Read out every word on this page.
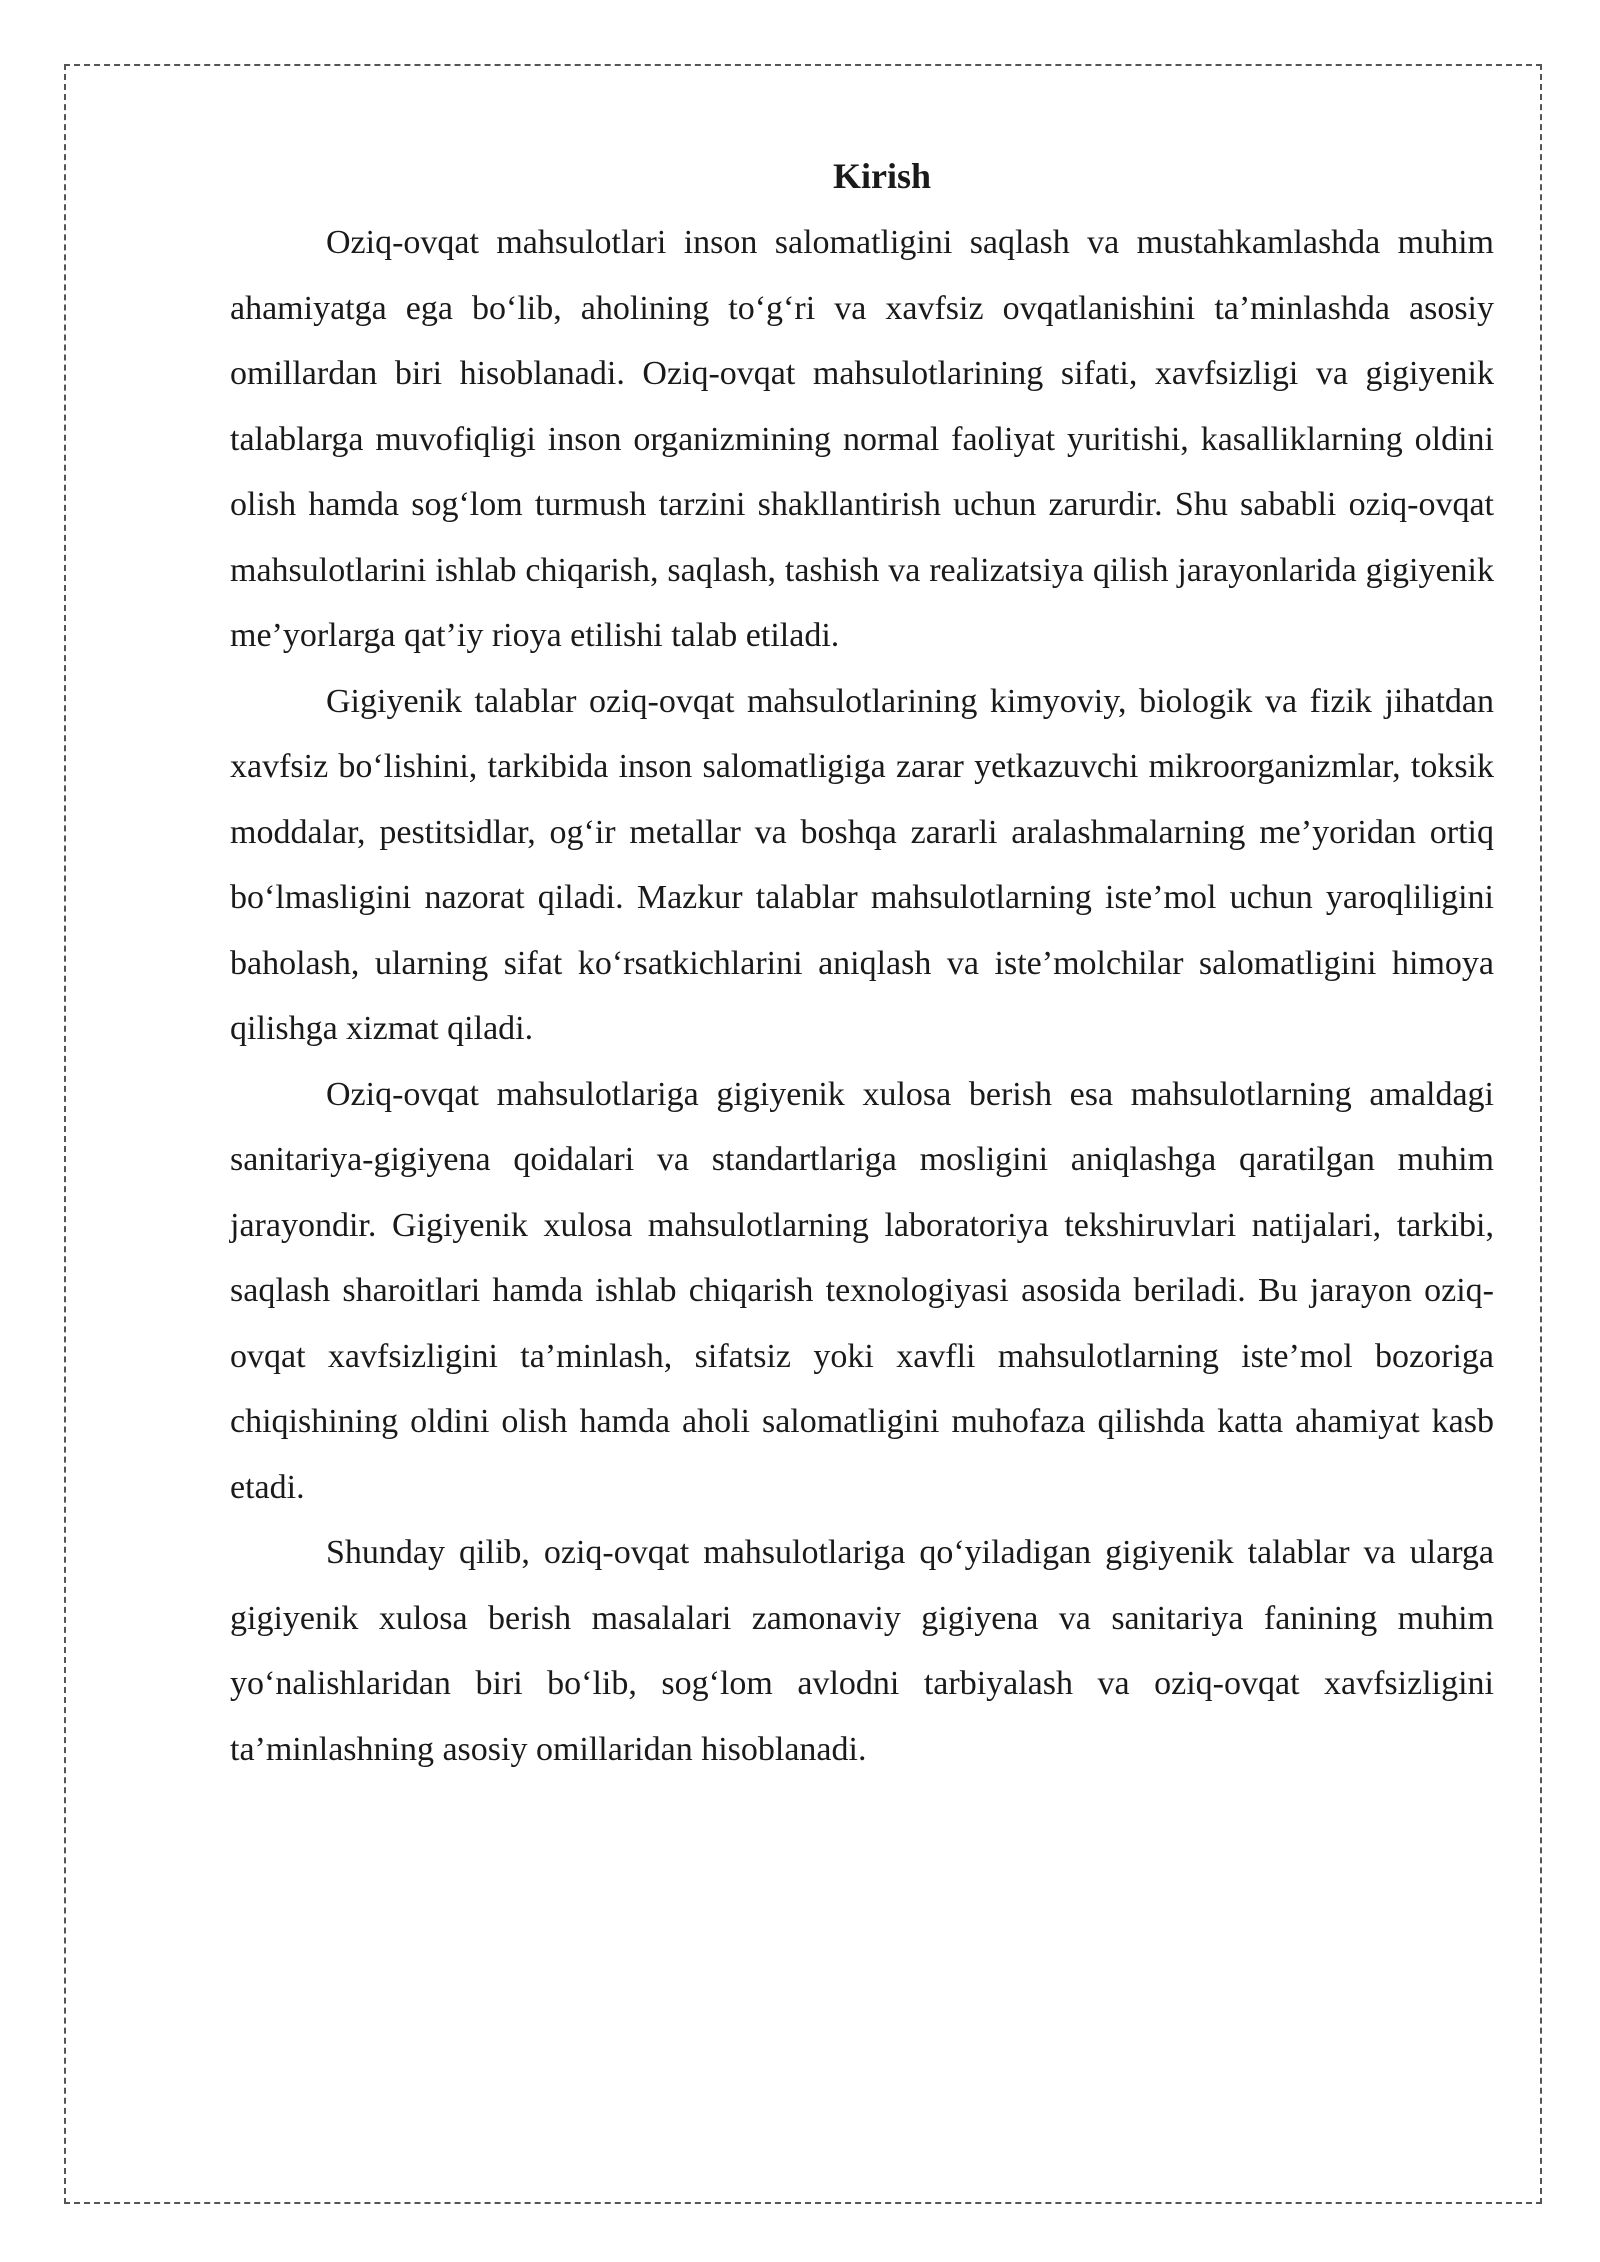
Kirish

Oziq-ovqat mahsulotlari inson salomatligini saqlash va mustahkamlashda muhim ahamiyatga ega bo‘lib, aholining to‘g‘ri va xavfsiz ovqatlanishini ta’minlashda asosiy omillardan biri hisoblanadi. Oziq-ovqat mahsulotlarining sifati, xavfsizligi va gigiyenik talablarga muvofiqligi inson organizmining normal faoliyat yuritishi, kasalliklarning oldini olish hamda sog‘lom turmush tarzini shakllantirish uchun zarurdir. Shu sababli oziq-ovqat mahsulotlarini ishlab chiqarish, saqlash, tashish va realizatsiya qilish jarayonlarida gigiyenik me’yorlarga qat’iy rioya etilishi talab etiladi.

Gigiyenik talablar oziq-ovqat mahsulotlarining kimyoviy, biologik va fizik jihatdan xavfsiz bo‘lishini, tarkibida inson salomatligiga zarar yetkazuvchi mikroorganizmlar, toksik moddalar, pestitsidlar, og‘ir metallar va boshqa zararli aralashmalarning me’yoridan ortiq bo‘lmasligini nazorat qiladi. Mazkur talablar mahsulotlarning iste’mol uchun yaroqliligini baholash, ularning sifat ko‘rsatkichlarini aniqlash va iste’molchilar salomatligini himoya qilishga xizmat qiladi.

Oziq-ovqat mahsulotlariga gigiyenik xulosa berish esa mahsulotlarning amaldagi sanitariya-gigiyena qoidalari va standartlariga mosligini aniqlashga qaratilgan muhim jarayondir. Gigiyenik xulosa mahsulotlarning laboratoriya tekshiruvlari natijalari, tarkibi, saqlash sharoitlari hamda ishlab chiqarish texnologiyasi asosida beriladi. Bu jarayon oziq-ovqat xavfsizligini ta’minlash, sifatsiz yoki xavfli mahsulotlarning iste’mol bozoriga chiqishining oldini olish hamda aholi salomatligini muhofaza qilishda katta ahamiyat kasb etadi.

Shunday qilib, oziq-ovqat mahsulotlariga qo‘yiladigan gigiyenik talablar va ularga gigiyenik xulosa berish masalalari zamonaviy gigiyena va sanitariya fanining muhim yo‘nalishlaridan biri bo‘lib, sog‘lom avlodni tarbiyalash va oziq-ovqat xavfsizligini ta’minlashning asosiy omillaridan hisoblanadi.
